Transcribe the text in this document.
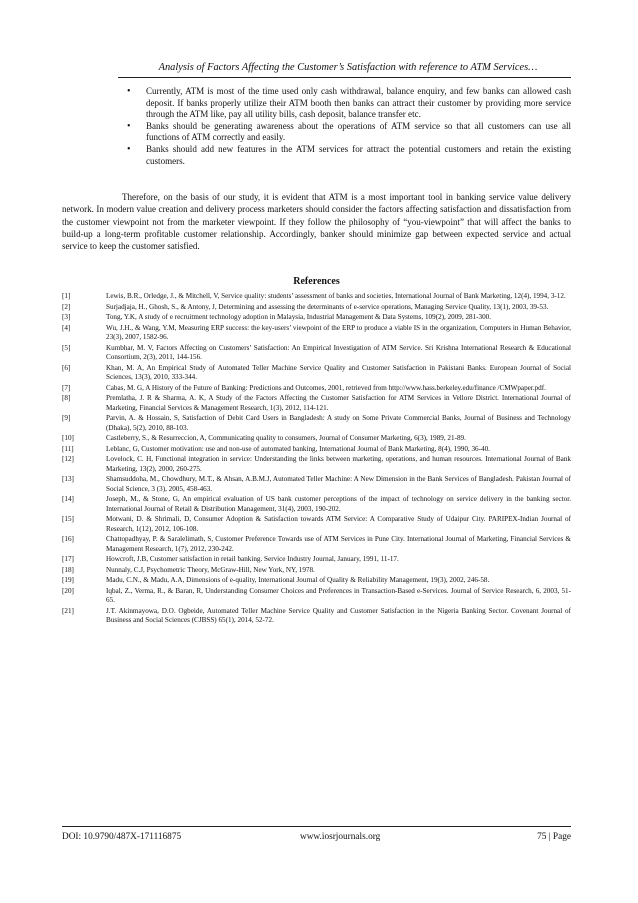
Analysis of Factors Affecting the Customer’s Satisfaction with reference to ATM Services…
• Currently, ATM is most of the time used only cash withdrawal, balance enquiry, and few banks can allowed cash deposit. If banks properly utilize their ATM booth then banks can attract their customer by providing more service through the ATM like, pay all utility bills, cash deposit, balance transfer etc.
• Banks should be generating awareness about the operations of ATM service so that all customers can use all functions of ATM correctly and easily.
• Banks should add new features in the ATM services for attract the potential customers and retain the existing customers.

Therefore, on the basis of our study, it is evident that ATM is a most important tool in banking service value delivery network. In modern value creation and delivery process marketers should consider the factors affecting satisfaction and dissatisfaction from the customer viewpoint not from the marketer viewpoint. If they follow the philosophy of “you-viewpoint” that will affect the banks to build-up a long-term profitable customer relationship. Accordingly, banker should minimize gap between expected service and actual service to keep the customer satisfied.

References
[1]	Lewis, B.R., Orledge, J., & Mitchell, V, Service quality: students’ assessment of banks and societies, International Journal of Bank Marketing, 12(4), 1994, 3-12.
[2]	Surjadjaja, H., Ghosh, S., & Antony, J, Determining and assessing the determinants of e-service operations, Managing Service Quality, 13(1), 2003, 39-53.
[3]	Tong, Y.K, A study of e recruitment technology adoption in Malaysia, Industrial Management & Data Systems, 109(2), 2009, 281-300.
[4]	Wu, J.H., & Wang, Y.M, Measuring ERP success: the key-users’ viewpoint of the ERP to produce a viable IS in the organization, Computers in Human Behavior, 23(3), 2007, 1582-96.
[5]	Kumbhar, M. V, Factors Affecting on Customers’ Satisfaction: An Empirical Investigation of ATM Service. Sri Krishna International Research & Educational Consortium, 2(3), 2011, 144-156.
[6]	Khan, M. A, An Empirical Study of Automated Teller Machine Service Quality and Customer Satisfaction in Pakistani Banks. European Journal of Social Sciences, 13(3), 2010, 333-344.
[7]	Cabas, M. G, A History of the Future of Banking: Predictions and Outcomes, 2001, retrieved from http://www.hass.berkeley.edu/finance /CMWpaper.pdf.
[8]	Premlatha, J. R & Sharma, A. K, A Study of the Factors Affecting the Customer Satisfaction for ATM Services in Vellore District. International Journal of Marketing, Financial Services & Management Research, 1(3), 2012, 114-121.
[9]	Parvin, A. & Hossain, S, Satisfaction of Debit Card Users in Bangladesh: A study on Some Private Commercial Banks, Journal of Business and Technology (Dhaka), 5(2), 2010, 88-103.
[10]	Castleberry, S., & Resurreccion, A, Communicating quality to consumers, Journal of Consumer Marketing, 6(3), 1989, 21-89.
[11]	Leblanc, G, Customer motivation: use and non-use of automated banking, International Journal of Bank Marketing, 8(4), 1990, 36-40.
[12]	Lovelock, C. H, Functional integration in service: Understanding the links between marketing, operations, and human resources. International Journal of Bank Marketing, 13(2), 2000, 260-275.
[13]	Shamsuddoha, M., Chowdhury, M.T., & Ahsan, A.B.M.J, Automated Teller Machine: A New Dimension in the Bank Services of Bangladesh. Pakistan Journal of Social Science, 3 (3), 2005, 458-463.
[14]	Joseph, M., & Stone, G, An empirical evaluation of US bank customer perceptions of the impact of technology on service delivery in the banking sector. International Journal of Retail & Distribution Management, 31(4), 2003, 190-202.
[15]	Motwani, D. & Shrimali, D, Consumer Adoption & Satisfaction towards ATM Service: A Comparative Study of Udaipur City. PARIPEX-Indian Journal of Research, 1(12), 2012, 106-108.
[16]	Chattopadhyay, P. & Saralelimath, S, Customer Preference Towards use of ATM Services in Pune City. International Journal of Marketing, Financial Services & Management Research, 1(7), 2012, 230-242.
[17]	Howcroft, J.B, Customer satisfaction in retail banking. Service Industry Journal, January, 1991, 11-17.
[18]	Nunnaly, C.J, Psychometric Theory, McGraw-Hill, New York, NY, 1978.
[19]	Madu, C.N., & Madu, A.A, Dimensions of e-quality, International Journal of Quality & Reliability Management, 19(3), 2002, 246-58.
[20]	Iqbal, Z., Verma, R., & Baran, R, Understanding Consumer Choices and Preferences in Transaction-Based e-Services. Journal of Service Research, 6, 2003, 51-65.
[21]	J.T. Akinmayowa, D.O. Ogbeide, Automated Teller Machine Service Quality and Customer Satisfaction in the Nigeria Banking Sector. Covenant Journal of Business and Social Sciences (CJBSS) 65(1), 2014, 52-72.
DOI: 10.9790/487X-171116875	www.iosrjournals.org	75 | Page
